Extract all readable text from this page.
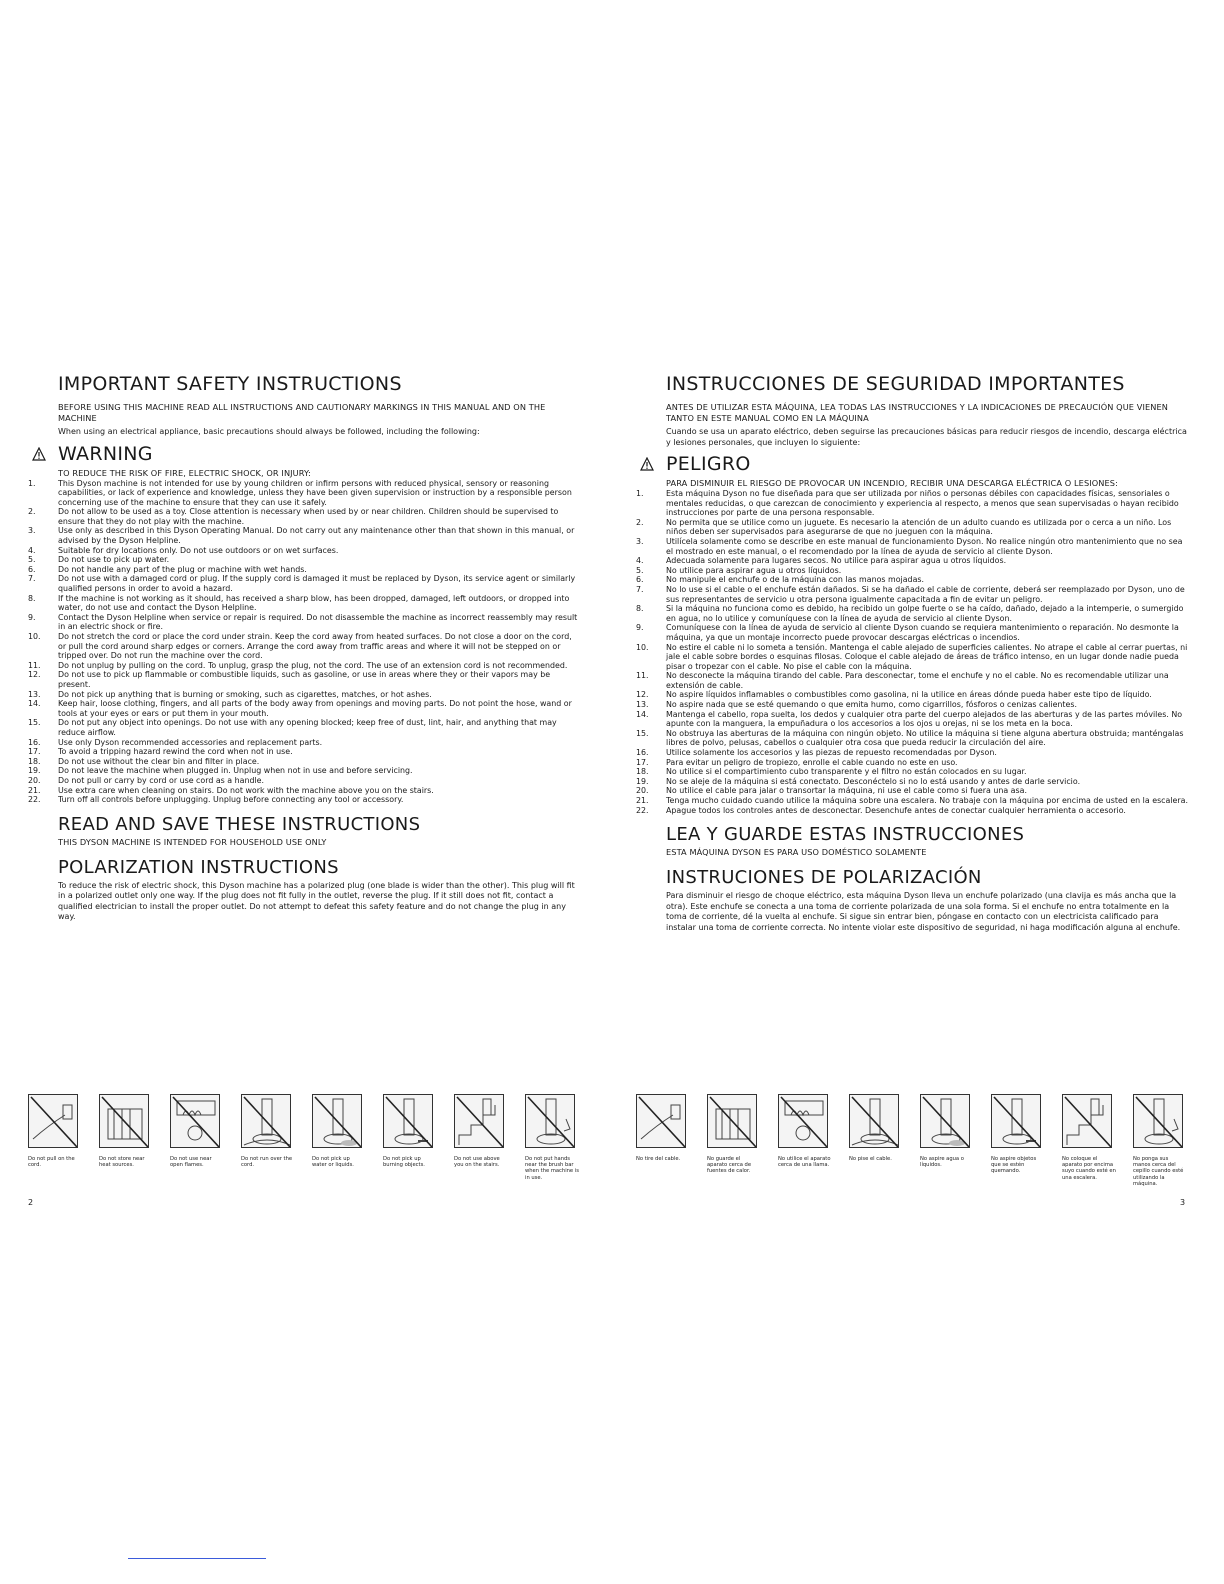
IMPORTANT SAFETY INSTRUCTIONS
BEFORE USING THIS MACHINE READ ALL INSTRUCTIONS AND CAUTIONARY MARKINGS IN THIS MANUAL AND ON THE MACHINE
When using an electrical appliance, basic precautions should always be followed, including the following:
WARNING
TO REDUCE THE RISK OF FIRE, ELECTRIC SHOCK, OR INJURY:
1.	This Dyson machine is not intended for use by young children or infirm persons with reduced physical, sensory or reasoning capabilities, or lack of experience and knowledge, unless they have been given supervision or instruction by a responsible person concerning use of the machine to ensure that they can use it safely.
2.	Do not allow to be used as a toy. Close attention is necessary when used by or near children. Children should be supervised to ensure that they do not play with the machine.
3.	Use only as described in this Dyson Operating Manual. Do not carry out any maintenance other than that shown in this manual, or advised by the Dyson Helpline.
4.	Suitable for dry locations only. Do not use outdoors or on wet surfaces.
5.	Do not use to pick up water.
6.	Do not handle any part of the plug or machine with wet hands.
7.	Do not use with a damaged cord or plug. If the supply cord is damaged it must be replaced by Dyson, its service agent or similarly qualified persons in order to avoid a hazard.
8.	If the machine is not working as it should, has received a sharp blow, has been dropped, damaged, left outdoors, or dropped into water, do not use and contact the Dyson Helpline.
9.	Contact the Dyson Helpline when service or repair is required. Do not disassemble the machine as incorrect reassembly may result in an electric shock or fire.
10.	Do not stretch the cord or place the cord under strain. Keep the cord away from heated surfaces. Do not close a door on the cord, or pull the cord around sharp edges or corners. Arrange the cord away from traffic areas and where it will not be stepped on or tripped over. Do not run the machine over the cord.
11.	Do not unplug by pulling on the cord. To unplug, grasp the plug, not the cord. The use of an extension cord is not recommended.
12.	Do not use to pick up flammable or combustible liquids, such as gasoline, or use in areas where they or their vapors may be present.
13.	Do not pick up anything that is burning or smoking, such as cigarettes, matches, or hot ashes.
14.	Keep hair, loose clothing, fingers, and all parts of the body away from openings and moving parts. Do not point the hose, wand or tools at your eyes or ears or put them in your mouth.
15.	Do not put any object into openings. Do not use with any opening blocked; keep free of dust, lint, hair, and anything that may reduce airflow.
16.	Use only Dyson recommended accessories and replacement parts.
17.	To avoid a tripping hazard rewind the cord when not in use.
18.	Do not use without the clear bin and filter in place.
19.	Do not leave the machine when plugged in. Unplug when not in use and before servicing.
20.	Do not pull or carry by cord or use cord as a handle.
21.	Use extra care when cleaning on stairs. Do not work with the machine above you on the stairs.
22.	Turn off all controls before unplugging. Unplug before connecting any tool or accessory.
READ AND SAVE THESE INSTRUCTIONS
THIS DYSON MACHINE IS INTENDED FOR HOUSEHOLD USE ONLY
POLARIZATION INSTRUCTIONS
To reduce the risk of electric shock, this Dyson machine has a polarized plug (one blade is wider than the other). This plug will fit in a polarized outlet only one way. If the plug does not fit fully in the outlet, reverse the plug. If it still does not fit, contact a qualified electrician to install the proper outlet. Do not attempt to defeat this safety feature and do not change the plug in any way.
INSTRUCCIONES DE SEGURIDAD IMPORTANTES
ANTES DE UTILIZAR ESTA MÁQUINA, LEA TODAS LAS INSTRUCCIONES Y LA INDICACIONES DE PRECAUCIÓN QUE VIENEN TANTO EN ESTE MANUAL COMO EN LA MÁQUINA
Cuando se usa un aparato eléctrico, deben seguirse las precauciones básicas para reducir riesgos de incendio, descarga eléctrica y lesiones personales, que incluyen lo siguiente:
PELIGRO
PARA DISMINUIR EL RIESGO DE PROVOCAR UN INCENDIO, RECIBIR UNA DESCARGA ELÉCTRICA O LESIONES:
1.	Esta máquina Dyson no fue diseñada para que ser utilizada por niños o personas débiles con capacidades físicas, sensoriales o mentales reducidas, o que carezcan de conocimiento y experiencia al respecto, a menos que sean supervisadas o hayan recibido instrucciones por parte de una persona responsable.
2.	No permita que se utilice como un juguete. Es necesario la atención de un adulto cuando es utilizada por o cerca a un niño. Los niños deben ser supervisados para asegurarse de que no jueguen con la máquina.
3.	Utilícela solamente como se describe en este manual de funcionamiento Dyson. No realice ningún otro mantenimiento que no sea el mostrado en este manual, o el recomendado por la línea de ayuda de servicio al cliente Dyson.
4.	Adecuada solamente para lugares secos. No utilice para aspirar agua u otros líquidos.
5.	No utilice para aspirar agua u otros líquidos.
6.	No manipule el enchufe o de la máquina con las manos mojadas.
7.	No lo use si el cable o el enchufe están dañados. Si se ha dañado el cable de corriente, deberá ser reemplazado por Dyson, uno de sus representantes de servicio u otra persona igualmente capacitada a fin de evitar un peligro.
8.	Si la máquina no funciona como es debido, ha recibido un golpe fuerte o se ha caído, dañado, dejado a la intemperie, o sumergido en agua, no lo utilice y comuníquese con la línea de ayuda de servicio al cliente Dyson.
9.	Comuníquese con la línea de ayuda de servicio al cliente Dyson cuando se requiera mantenimiento o reparación. No desmonte la máquina, ya que un montaje incorrecto puede provocar descargas eléctricas o incendios.
10.	No estire el cable ni lo someta a tensión. Mantenga el cable alejado de superficies calientes. No atrape el cable al cerrar puertas, ni jale el cable sobre bordes o esquinas filosas. Coloque el cable alejado de áreas de tráfico intenso, en un lugar donde nadie pueda pisar o tropezar con el cable. No pise el cable con la máquina.
11.	No desconecte la máquina tirando del cable. Para desconectar, tome el enchufe y no el cable. No es recomendable utilizar una extensión de cable.
12.	No aspire líquidos inflamables o combustibles como gasolina, ni la utilice en áreas dónde pueda haber este tipo de líquido.
13.	No aspire nada que se esté quemando o que emita humo, como cigarrillos, fósforos o cenizas calientes.
14.	Mantenga el cabello, ropa suelta, los dedos y cualquier otra parte del cuerpo alejados de las aberturas y de las partes móviles. No apunte con la manguera, la empuñadura o los accesorios a los ojos u orejas, ni se los meta en la boca.
15.	No obstruya las aberturas de la máquina con ningún objeto. No utilice la máquina si tiene alguna abertura obstruida; manténgalas libres de polvo, pelusas, cabellos o cualquier otra cosa que pueda reducir la circulación del aire.
16.	Utilice solamente los accesorios y las piezas de repuesto recomendadas por Dyson.
17.	Para evitar un peligro de tropiezo, enrolle el cable cuando no este en uso.
18.	No utilice si el compartimiento cubo transparente y el filtro no están colocados en su lugar.
19.	No se aleje de la máquina si está conectato. Desconéctelo si no lo está usando y antes de darle servicio.
20.	No utilice el cable para jalar o transortar la máquina, ni use el cable como si fuera una asa.
21.	Tenga mucho cuidado cuando utilice la máquina sobre una escalera. No trabaje con la máquina por encima de usted en la escalera.
22.	Apague todos los controles antes de desconectar. Desenchufe antes de conectar cualquier herramienta o accesorio.
LEA Y GUARDE ESTAS INSTRUCCIONES
ESTA MÁQUINA DYSON ES PARA USO DOMÉSTICO SOLAMENTE
INSTRUCIONES DE POLARIZACIÓN
Para disminuir el riesgo de choque eléctrico, esta máquina Dyson lleva un enchufe polarizado (una clavija es más ancha que la otra). Este enchufe se conecta a una toma de corriente polarizada de una sola forma. Si el enchufe no entra totalmente en la toma de corriente, dé la vuelta al enchufe. Si sigue sin entrar bien, póngase en contacto con un electricista calificado para instalar una toma de corriente correcta. No intente violar este dispositivo de seguridad, ni haga modificación alguna al enchufe.
Do not pull on the cord.
Do not store near heat sources.
Do not use near open flames.
Do not run over the cord.
Do not pick up water or liquids.
Do not pick up burning objects.
Do not use above you on the stairs.
Do not put hands near the brush bar when the machine is in use.
No tire del cable.	No guarde el aparato cerca de fuentes de calor.
No utilice el aparato cerca de una llama.
No pise el cable.	No aspire agua o líquidos.
No aspire objetos que se estén quemando.
No coloque el aparato por encima suyo cuando esté en una escalera.
No ponga sus manos cerca del cepillo cuando esté utilizando la máquina.
2	3
